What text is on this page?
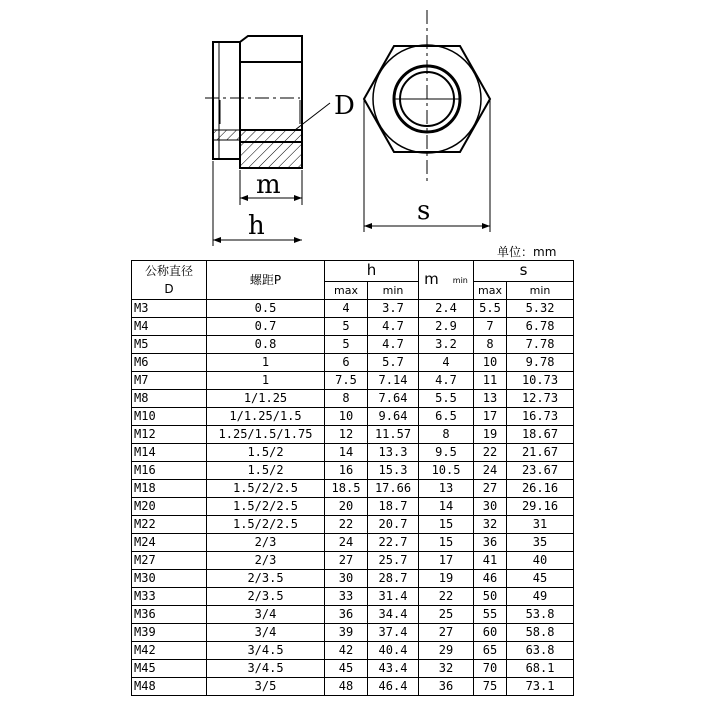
D
m
h	s
单位：mm
公称直径
D	螺距P	h		m min	s	
		max	min		max	min
M3	0.5	4	3.7	2.4	5.5	5.32
M4	0.7	5	4.7	2.9	7	6.78
M5	0.8	5	4.7	3.2	8	7.78
M6	1	6	5.7	4	10	9.78
M7	1	7.5	7.14	4.7	11	10.73
M8	1/1.25	8	7.64	5.5	13	12.73
M10	1/1.25/1.5	10	9.64	6.5	17	16.73
M12	1.25/1.5/1.75	12	11.57	8	19	18.67
M14	1.5/2	14	13.3	9.5	22	21.67
M16	1.5/2	16	15.3	10.5	24	23.67
M18	1.5/2/2.5	18.5	17.66	13	27	26.16
M20	1.5/2/2.5	20	18.7	14	30	29.16
M22	1.5/2/2.5	22	20.7	15	32	31
M24	2/3	24	22.7	15	36	35
M27	2/3	27	25.7	17	41	40
M30	2/3.5	30	28.7	19	46	45
M33	2/3.5	33	31.4	22	50	49
M36	3/4	36	34.4	25	55	53.8
M39	3/4	39	37.4	27	60	58.8
M42	3/4.5	42	40.4	29	65	63.8
M45	3/4.5	45	43.4	32	70	68.1
M48	3/5	48	46.4	36	75	73.1
